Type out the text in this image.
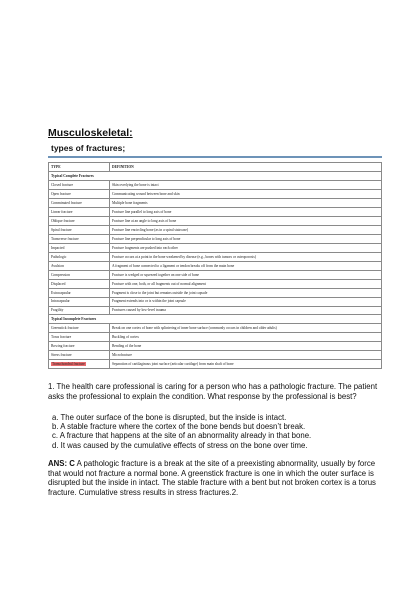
Musculoskeletal:
types of fractures;
TYPE	DEFINITION
Typical Complete Fractures	
Closed fracture	Skin overlying the bone is intact
Open fracture	Communicating wound between bone and skin
Comminuted fracture	Multiple bone fragments
Linear fracture	Fracture line parallel to long axis of bone
Oblique fracture	Fracture line at an angle to long axis of bone
Spiral fracture	Fracture line encircling bone (as in a spiral staircase)
Transverse fracture	Fracture line perpendicular to long axis of bone
Impacted	Fracture fragments are pushed into each other
Pathologic	Fracture occurs at a point in the bone weakened by disease (e.g., bones with tumors or osteoporosis)
Avulsion	A fragment of bone connected to a ligament or tendon breaks off from the main bone
Compression	Fracture is wedged or squeezed together on one side of bone
Displaced	Fracture with one, both, or all fragments out of normal alignment
Extracapsular	Fragment is close to the joint but remains outside the joint capsule
Intracapsular	Fragment extends into or is within the joint capsule
Fragility	Fractures caused by low-level trauma
Typical Incomplete Fractures	
Greenstick fracture	Break on one cortex of bone with splintering of inner bone surface (commonly occurs in children and older adults)
Torus fracture	Buckling of cortex
Bowing fracture	Bending of the bone
Stress fracture	Microfracture
Transchondral fracture	Separation of cartilaginous joint surface (articular cartilage) from main shaft of bone
1. The health care professional is caring for a person who has a pathologic fracture. The patient asks the professional to explain the condition. What response by the professional is best?
a. The outer surface of the bone is disrupted, but the inside is intact.
b. A stable fracture where the cortex of the bone bends but doesn’t break.
c. A fracture that happens at the site of an abnormality already in that bone.
d. It was caused by the cumulative effects of stress on the bone over time.
ANS: C A pathologic fracture is a break at the site of a preexisting abnormality, usually by force that would not fracture a normal bone. A greenstick fracture is one in which the outer surface is disrupted but the inside in intact. The stable fracture with a bent but not broken cortex is a torus fracture. Cumulative stress results in stress fractures.2.
